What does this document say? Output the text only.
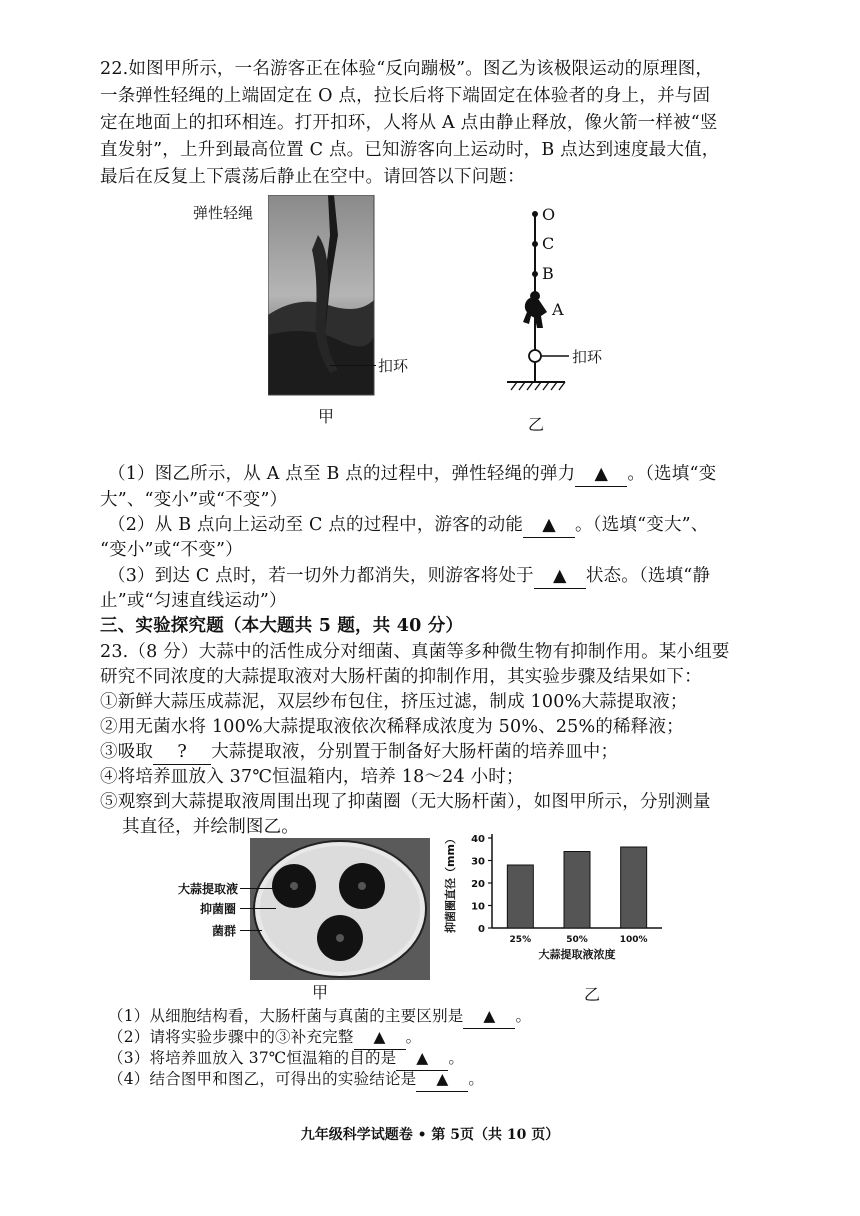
22.如图甲所示，一名游客正在体验“反向蹦极”。图乙为该极限运动的原理图，
一条弹性轻绳的上端固定在 O 点，拉长后将下端固定在体验者的身上，并与固
定在地面上的扣环相连。打开扣环，人将从 A 点由静止释放，像火箭一样被“竖
直发射”，上升到最高位置 C 点。已知游客向上运动时，B 点达到速度最大值，
最后在反复上下震荡后静止在空中。请回答以下问题：
弹性轻绳
扣环
甲
O
C
B
A
扣环
乙
（1）图乙所示，从 A 点至 B 点的过程中，弹性轻绳的弹力 ▲ 。（选填“变
大”、“变小”或“不变”）
（2）从 B 点向上运动至 C 点的过程中，游客的动能 ▲ 。（选填“变大”、
“变小”或“不变”）
（3）到达 C 点时，若一切外力都消失，则游客将处于 ▲ 状态。（选填“静
止”或“匀速直线运动”）
三、实验探究题（本大题共 5 题，共 40 分）
23.（8 分）大蒜中的活性成分对细菌、真菌等多种微生物有抑制作用。某小组要
研究不同浓度的大蒜提取液对大肠杆菌的抑制作用，其实验步骤及结果如下：
①新鲜大蒜压成蒜泥，双层纱布包住，挤压过滤，制成 100%大蒜提取液；
②用无菌水将 100%大蒜提取液依次稀释成浓度为 50%、25%的稀释液；
③吸取 ? 大蒜提取液，分别置于制备好大肠杆菌的培养皿中；
④将培养皿放入 37℃恒温箱内，培养 18～24 小时；
⑤观察到大蒜提取液周围出现了抑菌圈（无大肠杆菌），如图甲所示，分别测量
其直径，并绘制图乙。
大蒜提取液
抑菌圈
菌群
甲
0
10
20
30
40
25%	50%	100%
大蒜提取液浓度
抑菌圈直径（mm）
乙
（1）从细胞结构看，大肠杆菌与真菌的主要区别是 ▲ 。
（2）请将实验步骤中的③补充完整 ▲ 。
（3）将培养皿放入 37℃恒温箱的目的是 ▲ 。
（4）结合图甲和图乙，可得出的实验结论是 ▲ 。
九年级科学试题卷 • 第 5页（共 10 页）
